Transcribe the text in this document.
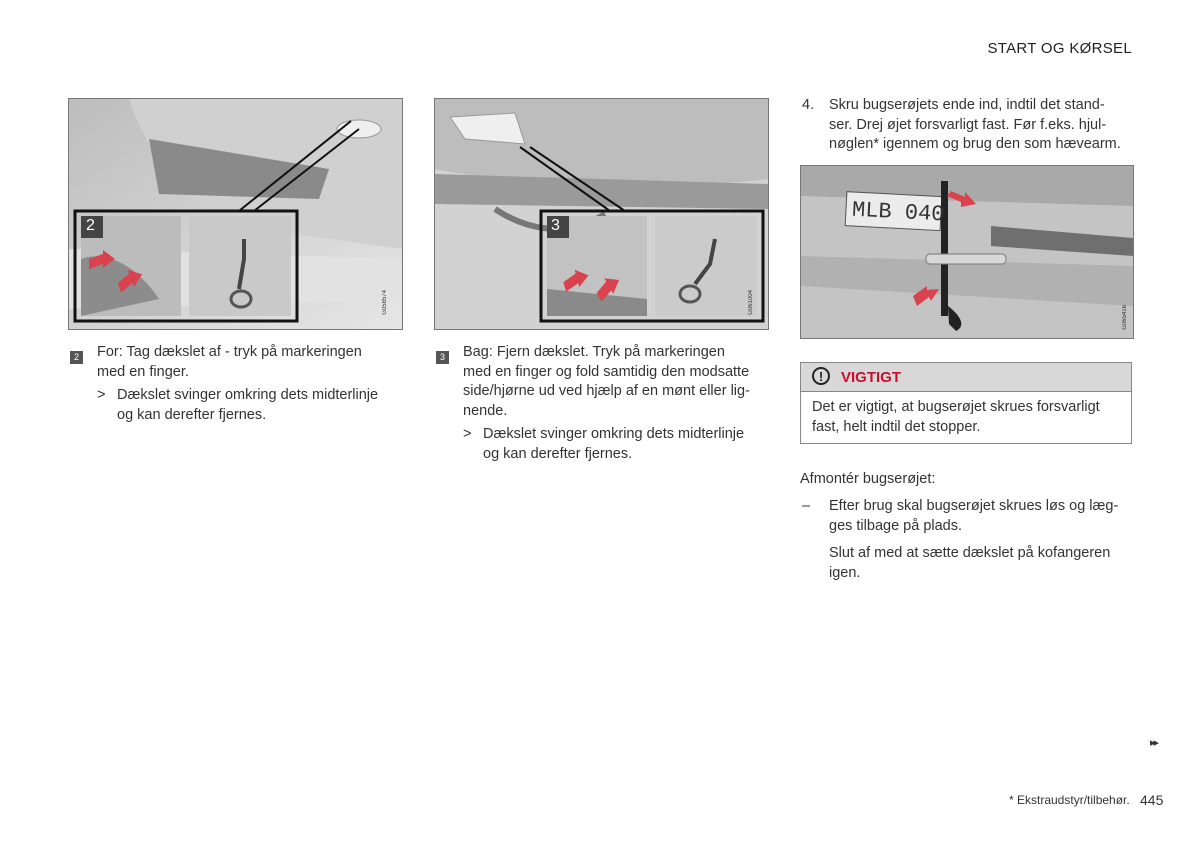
START OG KØRSEL
2
G058574
3
G061004
MLB 040
G065416
2 For: Tag dækslet af - tryk på markeringen
med en finger.
> Dækslet svinger omkring dets midterlinje
og kan derefter fjernes.
3 Bag: Fjern dækslet. Tryk på markeringen
med en finger og fold samtidig den modsatte
side/hjørne ud ved hjælp af en mønt eller lig-
nende.
> Dækslet svinger omkring dets midterlinje
og kan derefter fjernes.
4. Skru bugserøjets ende ind, indtil det stand-
ser. Drej øjet forsvarligt fast. Før f.eks. hjul-
nøglen* igennem og brug den som hævearm.
!	VIGTIGT
Det er vigtigt, at bugserøjet skrues forsvarligt
fast, helt indtil det stopper.
Afmontér bugserøjet:
– Efter brug skal bugserøjet skrues løs og læg-
ges tilbage på plads.
Slut af med at sætte dækslet på kofangeren
igen.
▸▸
* Ekstraudstyr/tilbehør. 445
